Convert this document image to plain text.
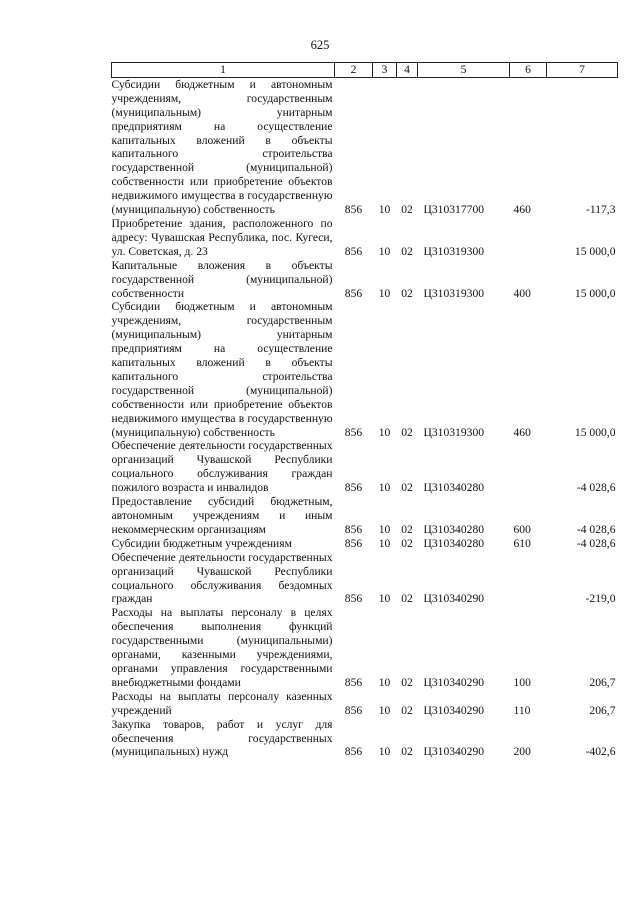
625
1	2	3	4	5	6	7
Субсидии бюджетным и автономным учреждениям, государственным (муниципальным) унитарным предприятиям на осуществление капитальных вложений в объекты капитального строительства государственной (муниципальной) собственности или приобретение объектов недвижимого имущества в государственную (муниципальную) собственность	856	10	02	Ц310317700	460	-117,3
Приобретение здания, расположенного по адресу: Чувашская Республика, пос. Кугеси, ул. Советская, д. 23	856	10	02	Ц310319300		15 000,0
Капитальные вложения в объекты государственной (муниципальной) собственности	856	10	02	Ц310319300	400	15 000,0
Субсидии бюджетным и автономным учреждениям, государственным (муниципальным) унитарным предприятиям на осуществление капитальных вложений в объекты капитального строительства государственной (муниципальной) собственности или приобретение объектов недвижимого имущества в государственную (муниципальную) собственность	856	10	02	Ц310319300	460	15 000,0
Обеспечение деятельности государственных организаций Чувашской Республики социального обслуживания граждан пожилого возраста и инвалидов	856	10	02	Ц310340280		-4 028,6
Предоставление субсидий бюджетным, автономным учреждениям и иным некоммерческим организациям	856	10	02	Ц310340280	600	-4 028,6
Субсидии бюджетным учреждениям	856	10	02	Ц310340280	610	-4 028,6
Обеспечение деятельности государственных организаций Чувашской Республики социального обслуживания бездомных граждан	856	10	02	Ц310340290		-219,0
Расходы на выплаты персоналу в целях обеспечения выполнения функций государственными (муниципальными) органами, казенными учреждениями, органами управления государственными внебюджетными фондами	856	10	02	Ц310340290	100	206,7
Расходы на выплаты персоналу казенных учреждений	856	10	02	Ц310340290	110	206,7
Закупка товаров, работ и услуг для обеспечения государственных (муниципальных) нужд	856	10	02	Ц310340290	200	-402,6
